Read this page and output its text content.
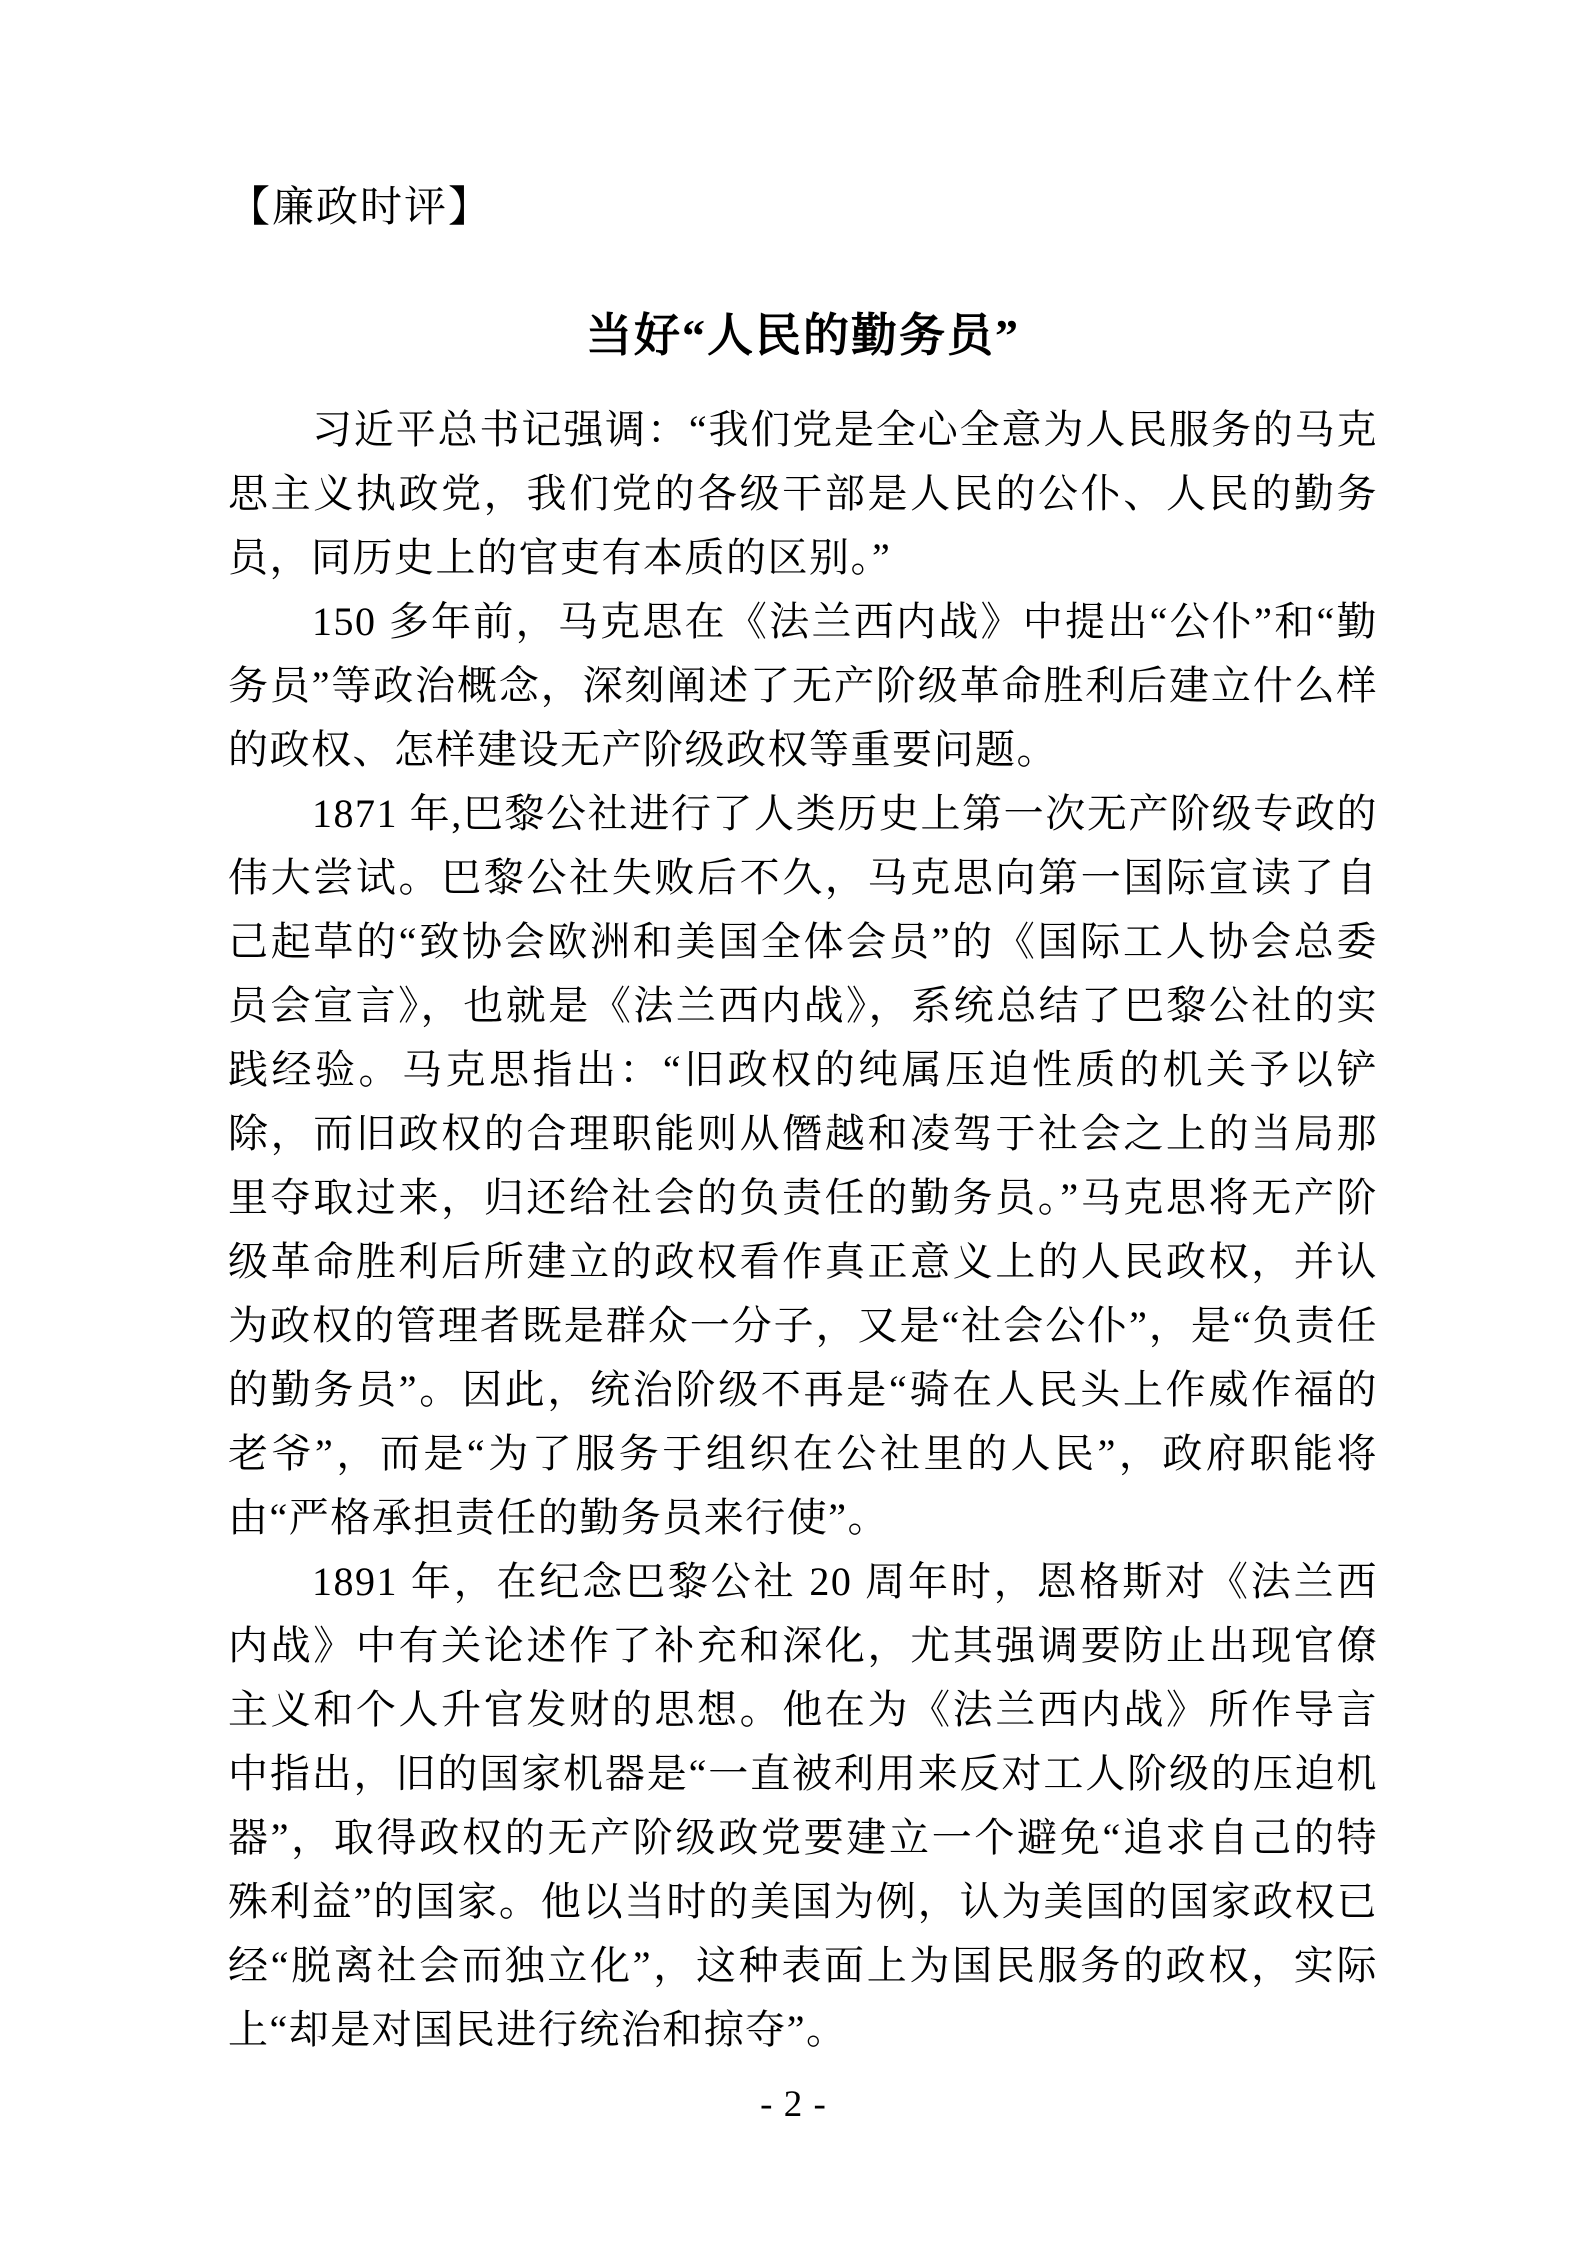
【廉政时评】
当好“人民的勤务员”

习近平总书记强调：“我们党是全心全意为人民服务的马克思主义执政党，我们党的各级干部是人民的公仆、人民的勤务员，同历史上的官吏有本质的区别。”

150 多年前，马克思在《法兰西内战》中提出“公仆”和“勤务员”等政治概念，深刻阐述了无产阶级革命胜利后建立什么样的政权、怎样建设无产阶级政权等重要问题。

1871 年,巴黎公社进行了人类历史上第一次无产阶级专政的伟大尝试。巴黎公社失败后不久，马克思向第一国际宣读了自己起草的“致协会欧洲和美国全体会员”的《国际工人协会总委员会宣言》，也就是《法兰西内战》，系统总结了巴黎公社的实践经验。马克思指出：“旧政权的纯属压迫性质的机关予以铲除，而旧政权的合理职能则从僭越和凌驾于社会之上的当局那里夺取过来，归还给社会的负责任的勤务员。”马克思将无产阶级革命胜利后所建立的政权看作真正意义上的人民政权，并认为政权的管理者既是群众一分子，又是“社会公仆”，是“负责任的勤务员”。因此，统治阶级不再是“骑在人民头上作威作福的老爷”，而是“为了服务于组织在公社里的人民”，政府职能将由“严格承担责任的勤务员来行使”。

1891 年，在纪念巴黎公社 20 周年时，恩格斯对《法兰西内战》中有关论述作了补充和深化，尤其强调要防止出现官僚主义和个人升官发财的思想。他在为《法兰西内战》所作导言中指出，旧的国家机器是“一直被利用来反对工人阶级的压迫机器”，取得政权的无产阶级政党要建立一个避免“追求自己的特殊利益”的国家。他以当时的美国为例，认为美国的国家政权已经“脱离社会而独立化”，这种表面上为国民服务的政权，实际上“却是对国民进行统治和掠夺”。

- 2 -
